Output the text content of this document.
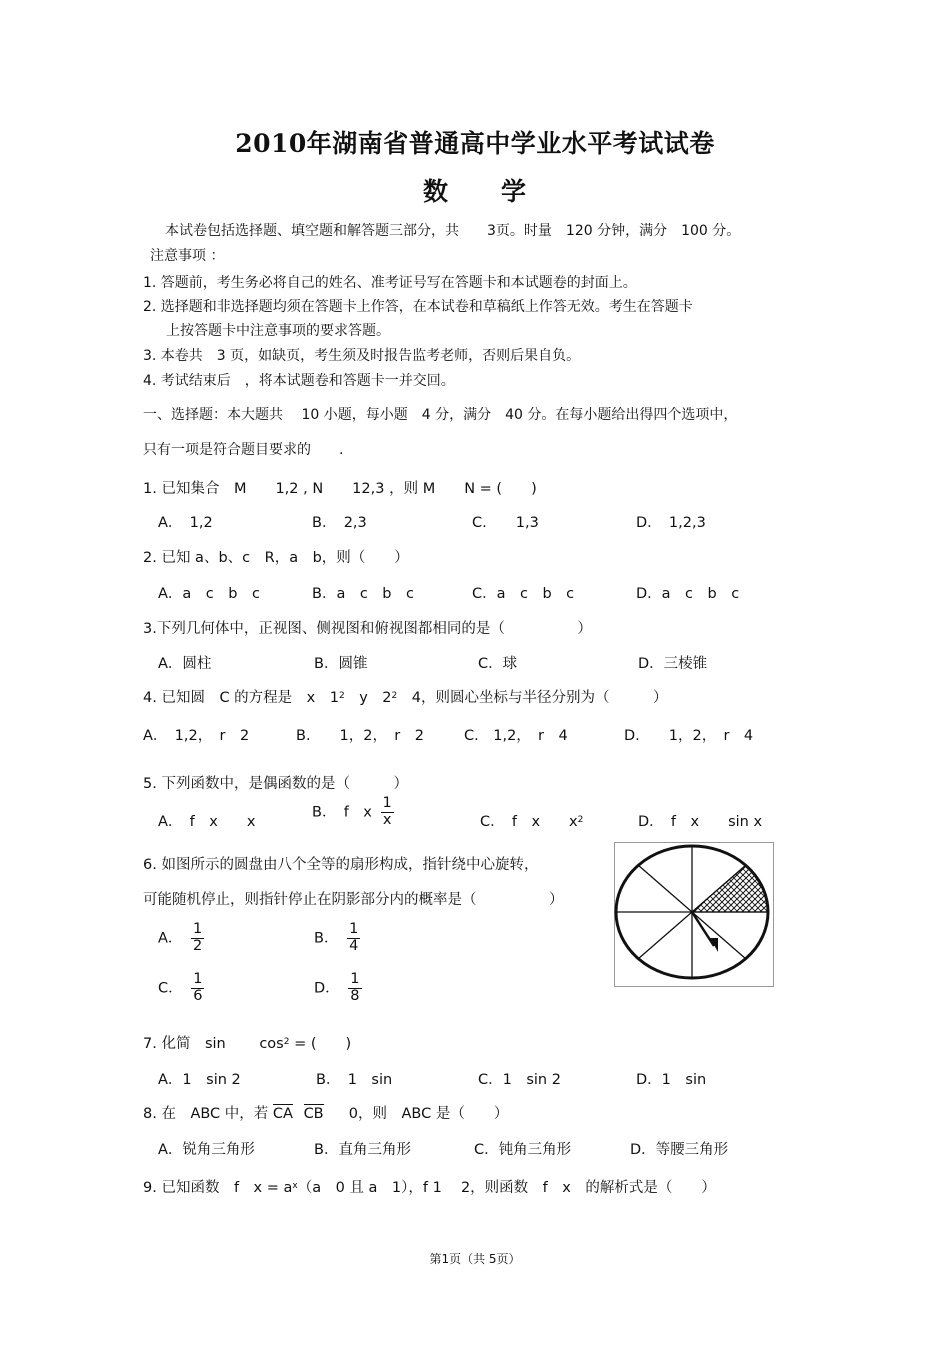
2010年湖南省普通高中学业水平考试试卷
数　　学
本试卷包括选择题、填空题和解答题三部分，共　　3页。时量　120 分钟，满分　100 分。
注意事项 ：
1. 答题前，考生务必将自己的姓名、准考证号写在答题卡和本试题卷的封面上。
2. 选择题和非选择题均须在答题卡上作答，在本试卷和草稿纸上作答无效。考生在答题卡
上按答题卡中注意事项的要求答题。
3. 本卷共　3 页，如缺页，考生须及时报告监考老师，否则后果自负。
4. 考试结束后　，将本试题卷和答题卡一并交回。
一、选择题：本大题共　 10 小题，每小题　4 分，满分　40 分。在每小题给出得四个选项中，
只有一项是符合题目要求的　　.
1. 已知集合　M　　1,2 , N　　12,3 ，则 M　　N = (　　)
A．　1,2	B．　2,3	C.　　1,3	D．　1,2,3
2. 已知 a、b、c　R，a　b，则（　　）
A．a　c　b　c	B．a　c　b　c	C．a　c　b　c	D．a　c　b　c
3.下列几何体中，正视图、侧视图和俯视图都相同的是（　　　　　）
A．圆柱	B．圆锥	C．球	D．三棱锥
4. 已知圆　C 的方程是　x　$1^2$　y　$2^2$　4，则圆心坐标与半径分别为（　　　）
A．　1,2，　r　2	B.　　1，2，　r　2	C.　1,2，　r　4	D.　　1，2，　r　4
5. 下列函数中，是偶函数的是（　　　）
A．　f　x　　x
B．　f　x $\frac{1}{x}$	C．　f　x　　$x^2$	D．　f　x　　sin x
6. 如图所示的圆盘由八个全等的扇形构成，指针绕中心旋转，
可能随机停止，则指针停止在阴影部分内的概率是（　　　　　）
A． $\frac{1}{2}$	B． $\frac{1}{4}$
C． $\frac{1}{6}$	D． $\frac{1}{8}$
7. 化简　sin　　 $\cos^2$ = (　　)
A．1　sin 2	B．　1　sin	C．1　sin 2	D．1　sin
8. 在　ABC 中，若 CA CB 　0，则　ABC 是（　　）
A．锐角三角形	B．直角三角形	C．钝角三角形	D．等腰三角形
9. 已知函数　f　$x = a^x(a$　0 且 a　1），f 1　 2，则函数　f　x　的解析式是（　　）
第1页（共 5页）
